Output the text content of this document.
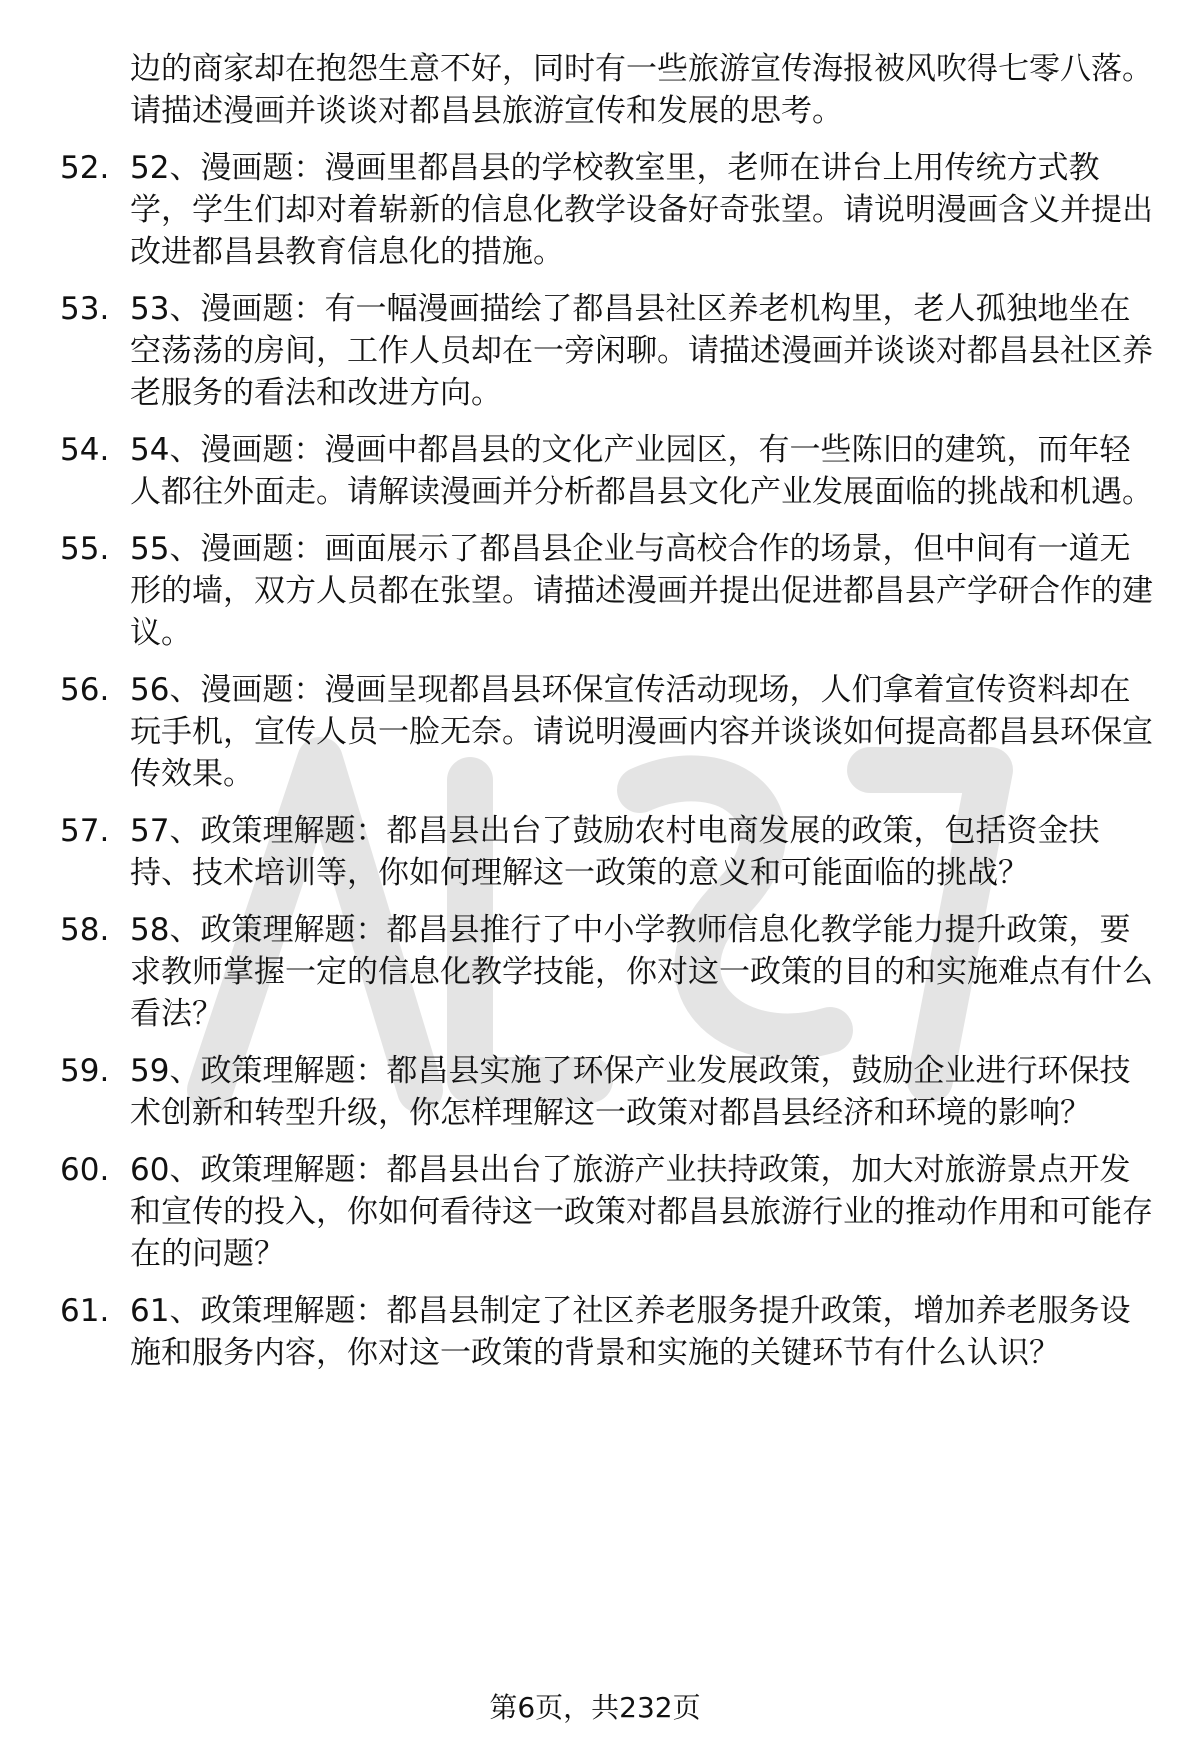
边的商家却在抱怨生意不好，同时有一些旅游宣传海报被风吹得七零八落。请描述漫画并谈谈对都昌县旅游宣传和发展的思考。
52. 52、漫画题：漫画里都昌县的学校教室里，老师在讲台上用传统方式教学，学生们却对着崭新的信息化教学设备好奇张望。请说明漫画含义并提出改进都昌县教育信息化的措施。
53. 53、漫画题：有一幅漫画描绘了都昌县社区养老机构里，老人孤独地坐在空荡荡的房间，工作人员却在一旁闲聊。请描述漫画并谈谈对都昌县社区养老服务的看法和改进方向。
54. 54、漫画题：漫画中都昌县的文化产业园区，有一些陈旧的建筑，而年轻人都往外面走。请解读漫画并分析都昌县文化产业发展面临的挑战和机遇。
55. 55、漫画题：画面展示了都昌县企业与高校合作的场景，但中间有一道无形的墙，双方人员都在张望。请描述漫画并提出促进都昌县产学研合作的建议。
56. 56、漫画题：漫画呈现都昌县环保宣传活动现场，人们拿着宣传资料却在玩手机，宣传人员一脸无奈。请说明漫画内容并谈谈如何提高都昌县环保宣传效果。
57. 57、政策理解题：都昌县出台了鼓励农村电商发展的政策，包括资金扶持、技术培训等，你如何理解这一政策的意义和可能面临的挑战？
58. 58、政策理解题：都昌县推行了中小学教师信息化教学能力提升政策，要求教师掌握一定的信息化教学技能，你对这一政策的目的和实施难点有什么看法？
59. 59、政策理解题：都昌县实施了环保产业发展政策，鼓励企业进行环保技术创新和转型升级，你怎样理解这一政策对都昌县经济和环境的影响？
60. 60、政策理解题：都昌县出台了旅游产业扶持政策，加大对旅游景点开发和宣传的投入，你如何看待这一政策对都昌县旅游行业的推动作用和可能存在的问题？
61. 61、政策理解题：都昌县制定了社区养老服务提升政策，增加养老服务设施和服务内容，你对这一政策的背景和实施的关键环节有什么认识？
第6页，共232页
